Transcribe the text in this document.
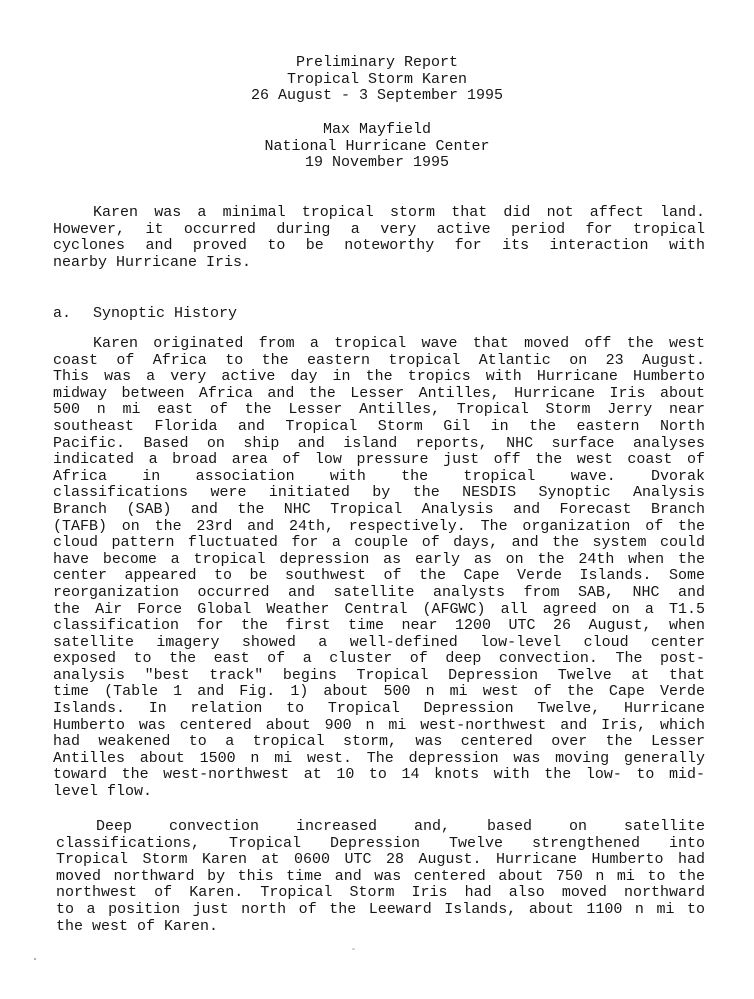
Preliminary Report
Tropical Storm Karen
26 August - 3 September 1995
Max Mayfield
National Hurricane Center
19 November 1995
Karen was a minimal tropical storm that did not affect land.
However, it occurred during a very active period for tropical
cyclones and proved to be noteworthy for its interaction with
nearby Hurricane Iris.
a. Synoptic History
Karen originated from a tropical wave that moved off the west
coast of Africa to the eastern tropical Atlantic on 23 August.
This was a very active day in the tropics with Hurricane Humberto
midway between Africa and the Lesser Antilles, Hurricane Iris about
500 n mi east of the Lesser Antilles, Tropical Storm Jerry near
southeast Florida and Tropical Storm Gil in the eastern North
Pacific. Based on ship and island reports, NHC surface analyses
indicated a broad area of low pressure just off the west coast of
Africa in association with the tropical wave. Dvorak
classifications were initiated by the NESDIS Synoptic Analysis
Branch (SAB) and the NHC Tropical Analysis and Forecast Branch
(TAFB) on the 23rd and 24th, respectively. The organization of the
cloud pattern fluctuated for a couple of days, and the system could
have become a tropical depression as early as on the 24th when the
center appeared to be southwest of the Cape Verde Islands. Some
reorganization occurred and satellite analysts from SAB, NHC and
the Air Force Global Weather Central (AFGWC) all agreed on a T1.5
classification for the first time near 1200 UTC 26 August, when
satellite imagery showed a well-defined low-level cloud center
exposed to the east of a cluster of deep convection. The post-
analysis "best track" begins Tropical Depression Twelve at that
time (Table 1 and Fig. 1) about 500 n mi west of the Cape Verde
Islands. In relation to Tropical Depression Twelve, Hurricane
Humberto was centered about 900 n mi west-northwest and Iris, which
had weakened to a tropical storm, was centered over the Lesser
Antilles about 1500 n mi west. The depression was moving generally
toward the west-northwest at 10 to 14 knots with the low- to mid-
level flow.
Deep convection increased and, based on satellite
classifications, Tropical Depression Twelve strengthened into
Tropical Storm Karen at 0600 UTC 28 August. Hurricane Humberto had
moved northward by this time and was centered about 750 n mi to the
northwest of Karen. Tropical Storm Iris had also moved northward
to a position just north of the Leeward Islands, about 1100 n mi to
the west of Karen.
